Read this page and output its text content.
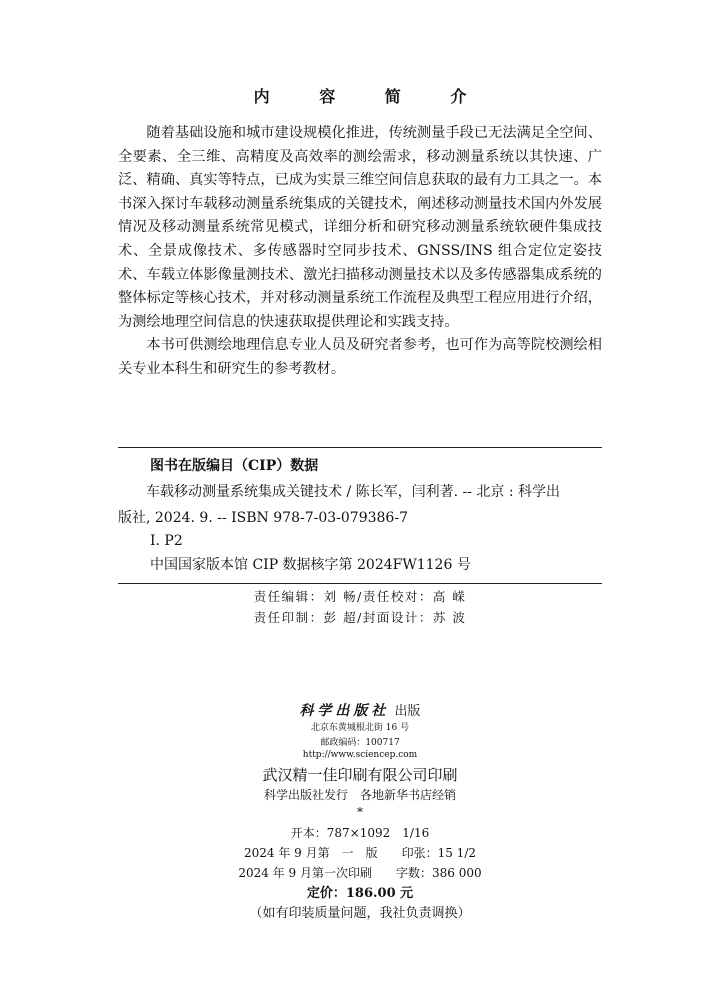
内 容 简 介

随着基础设施和城市建设规模化推进，传统测量手段已无法满足全空间、全要素、全三维、高精度及高效率的测绘需求，移动测量系统以其快速、广泛、精确、真实等特点，已成为实景三维空间信息获取的最有力工具之一。本书深入探讨车载移动测量系统集成的关键技术，阐述移动测量技术国内外发展情况及移动测量系统常见模式，详细分析和研究移动测量系统软硬件集成技术、全景成像技术、多传感器时空同步技术、GNSS/INS 组合定位定姿技术、车载立体影像量测技术、激光扫描移动测量技术以及多传感器集成系统的整体标定等核心技术，并对移动测量系统工作流程及典型工程应用进行介绍，为测绘地理空间信息的快速获取提供理论和实践支持。

本书可供测绘地理信息专业人员及研究者参考，也可作为高等院校测绘相关专业本科生和研究生的参考教材。

图书在版编目（CIP）数据
车载移动测量系统集成关键技术 / 陈长军，闫利著. -- 北京 : 科学出
版社, 2024. 9. -- ISBN 978-7-03-079386-7
I. P2
中国国家版本馆 CIP 数据核字第 2024FW1126 号
责任编辑：刘 畅/责任校对：高 嵘
责任印制：彭 超/封面设计：苏 波
科学出版社 出版
北京东黄城根北街 16 号
邮政编码：100717
http://www.sciencep.com
武汉精一佳印刷有限公司印刷
科学出版社发行　各地新华书店经销
*
开本：787×1092　1/16
2024 年 9 月第　一　版　　印张：15 1/2
2024 年 9 月第一次印刷　　字数：386 000
定价：186.00 元
（如有印装质量问题，我社负责调换）
